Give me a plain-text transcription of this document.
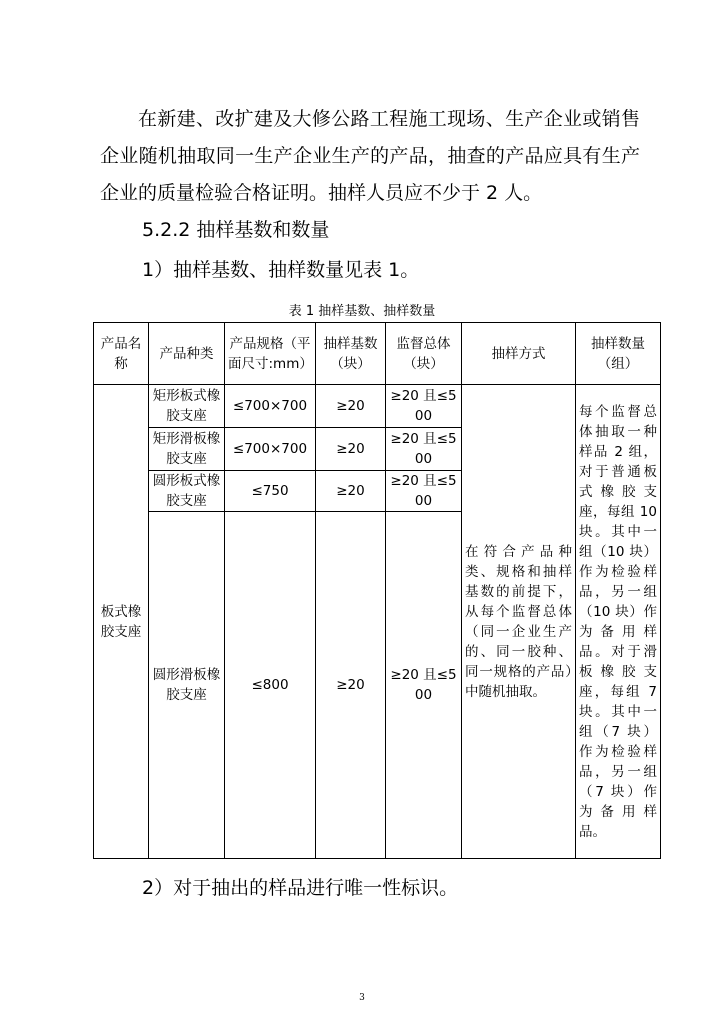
在新建、改扩建及大修公路工程施工现场、生产企业或销售企业随机抽取同一生产企业生产的产品，抽查的产品应具有生产企业的质量检验合格证明。抽样人员应不少于 2 人。

5.2.2 抽样基数和数量

1）抽样基数、抽样数量见表 1。

表 1 抽样基数、抽样数量
产品名称	产品种类	产品规格（平面尺寸:mm）	抽样基数（块）	监督总体（块）	抽样方式	抽样数量（组）
板式橡胶支座	矩形板式橡胶支座	≤700×700	≥20	≥20 且≤500	在符合产品种类、规格和抽样基数的前提下，从每个监督总体（同一企业生产的、同一胶种、同一规格的产品）中随机抽取。	每个监督总体抽取一种样品 2 组，对于普通板式橡胶支座，每组 10 块。其中一组（10 块）作为检验样品，另一组（10 块）作为备用样品。对于滑板橡胶支座，每组 7 块。其中一组（7 块）作为检验样品，另一组（7 块）作为备用样品。
	矩形滑板橡胶支座	≤700×700	≥20	≥20 且≤500		
	圆形板式橡胶支座	≤750	≥20	≥20 且≤500		
	圆形滑板橡胶支座	≤800	≥20	≥20 且≤500		

2）对于抽出的样品进行唯一性标识。

3
